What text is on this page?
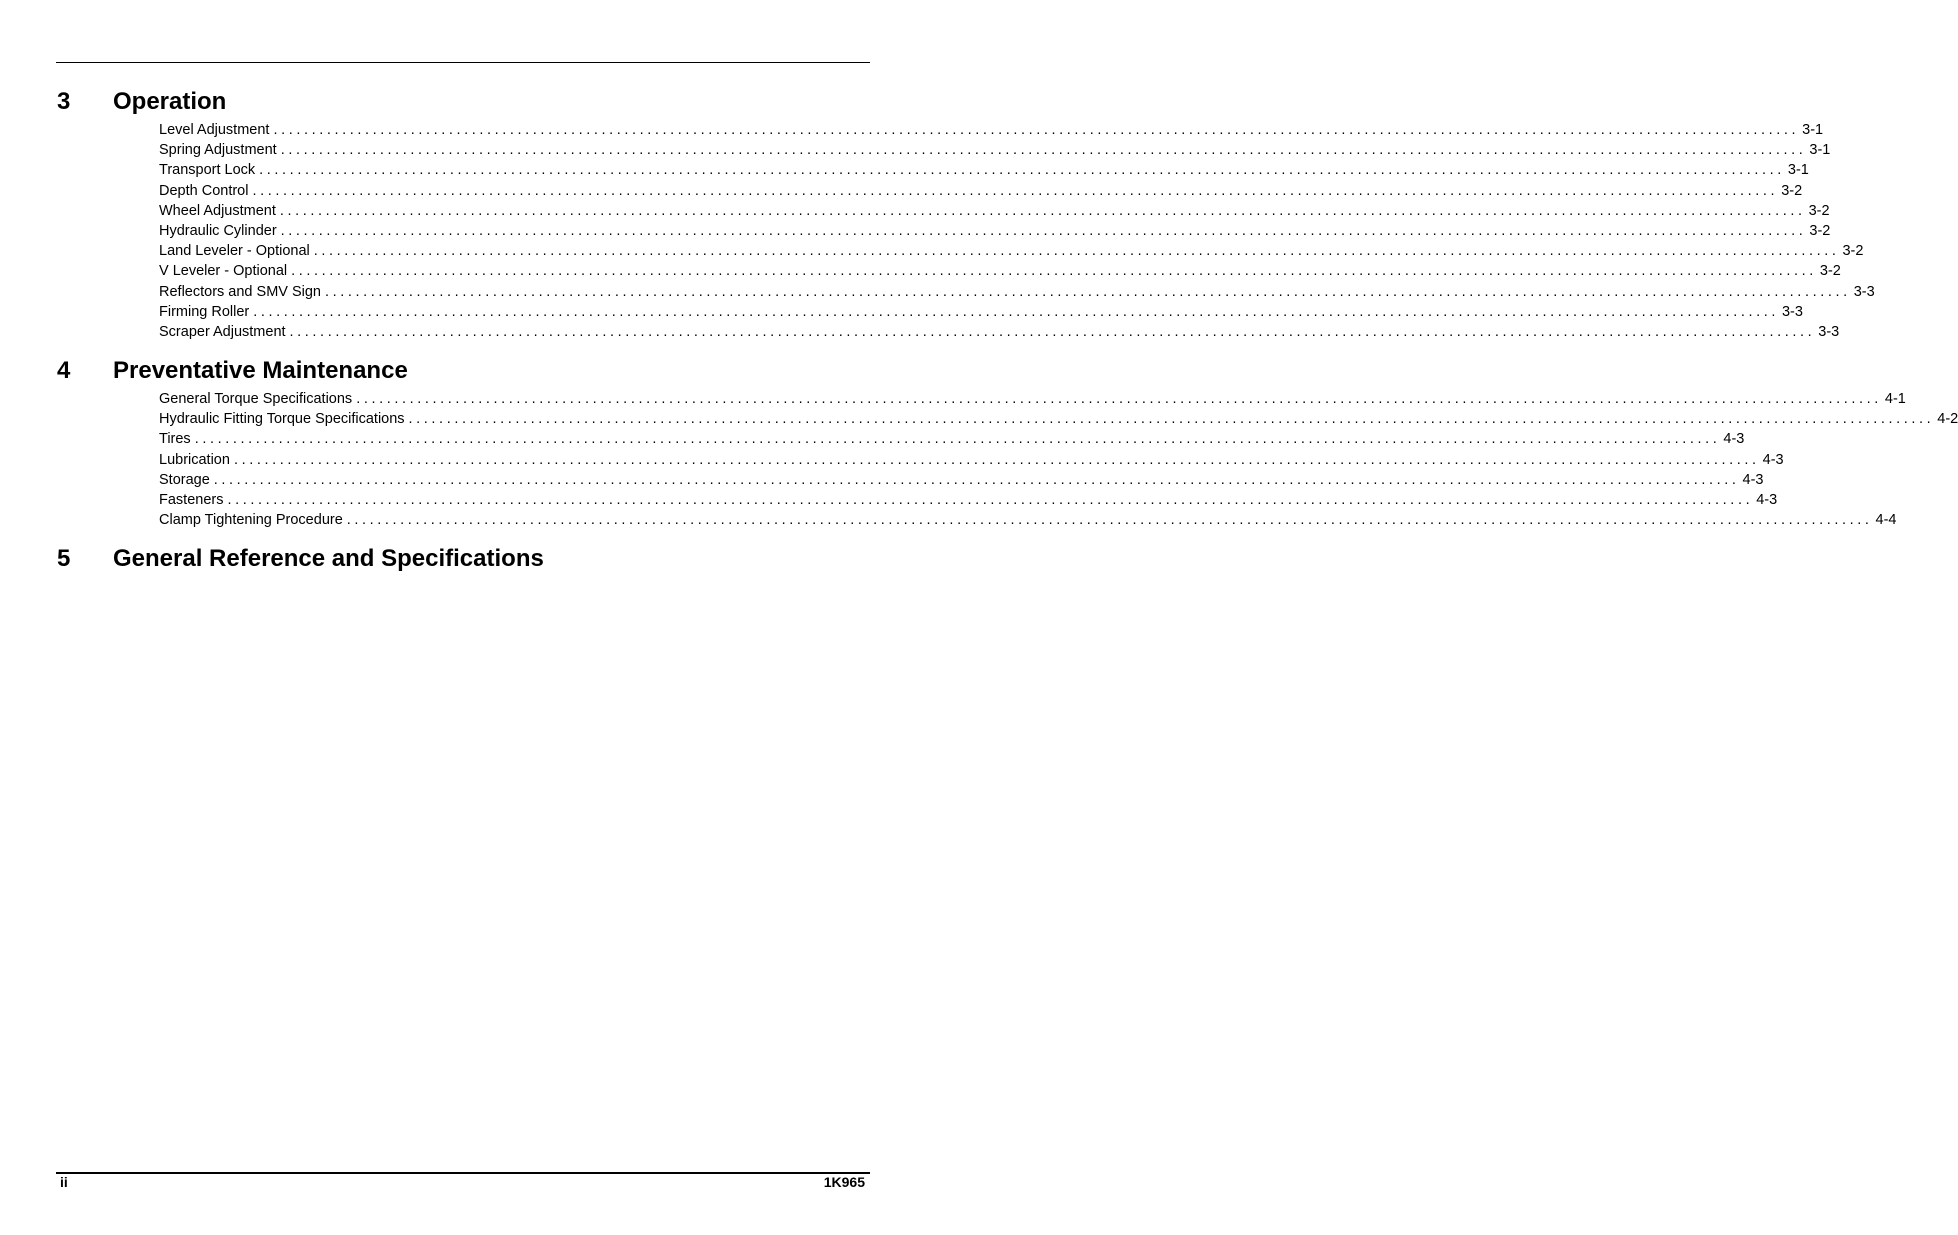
3	Operation
Level Adjustment ........................................................................................................................................................................................................ 3-1
Spring Adjustment ........................................................................................................................................................................................................ 3-1
Transport Lock ........................................................................................................................................................................................................ 3-1
Depth Control ........................................................................................................................................................................................................ 3-2
Wheel Adjustment ........................................................................................................................................................................................................ 3-2
Hydraulic Cylinder ........................................................................................................................................................................................................ 3-2
Land Leveler - Optional ........................................................................................................................................................................................................ 3-2
V Leveler - Optional ........................................................................................................................................................................................................ 3-2
Reflectors and SMV Sign ........................................................................................................................................................................................................ 3-3
Firming Roller ........................................................................................................................................................................................................ 3-3
Scraper Adjustment ........................................................................................................................................................................................................ 3-3
4	Preventative Maintenance
General Torque Specifications ........................................................................................................................................................................................................ 4-1
Hydraulic Fitting Torque Specifications ........................................................................................................................................................................................................ 4-2
Tires ........................................................................................................................................................................................................ 4-3
Lubrication ........................................................................................................................................................................................................ 4-3
Storage ........................................................................................................................................................................................................ 4-3
Fasteners ........................................................................................................................................................................................................ 4-3
Clamp Tightening Procedure ........................................................................................................................................................................................................ 4-4
5	General Reference and Specifications
ii	1K965
